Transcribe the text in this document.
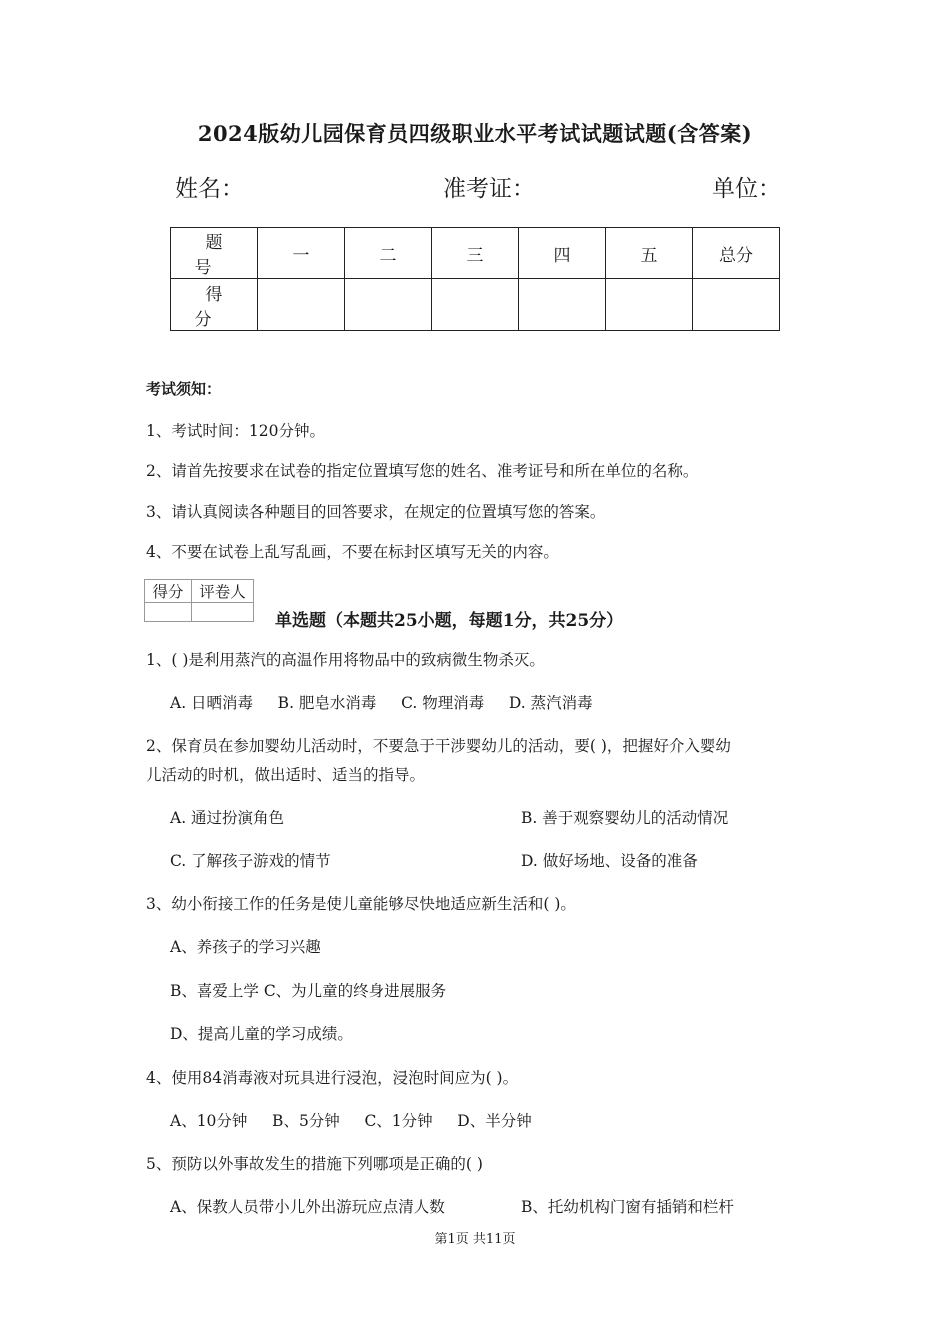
2024版幼儿园保育员四级职业水平考试试题试题(含答案)
姓名：	准考证：	单位：
题号	一	二	三	四	五	总分
得分						
考试须知：
1、考试时间：120分钟。
2、请首先按要求在试卷的指定位置填写您的姓名、准考证号和所在单位的名称。
3、请认真阅读各种题目的回答要求，在规定的位置填写您的答案。
4、不要在试卷上乱写乱画，不要在标封区填写无关的内容。
得分	评卷人

单选题（本题共25小题，每题1分，共25分）
1、( )是利用蒸汽的高温作用将物品中的致病微生物杀灭。
A. 日晒消毒     B. 肥皂水消毒     C. 物理消毒     D. 蒸汽消毒
2、保育员在参加婴幼儿活动时，不要急于干涉婴幼儿的活动，要( )，把握好介入婴幼
儿活动的时机，做出适时、适当的指导。
A. 通过扮演角色	B. 善于观察婴幼儿的活动情况
C. 了解孩子游戏的情节	D. 做好场地、设备的准备
3、幼小衔接工作的任务是使儿童能够尽快地适应新生活和( )。
A、养孩子的学习兴趣
B、喜爱上学 C、为儿童的终身进展服务
D、提高儿童的学习成绩。
4、使用84消毒液对玩具进行浸泡，浸泡时间应为( )。
A、10分钟     B、5分钟     C、1分钟     D、半分钟
5、预防以外事故发生的措施下列哪项是正确的( )
A、保教人员带小儿外出游玩应点清人数	B、托幼机构门窗有插销和栏杆
第1页 共11页
